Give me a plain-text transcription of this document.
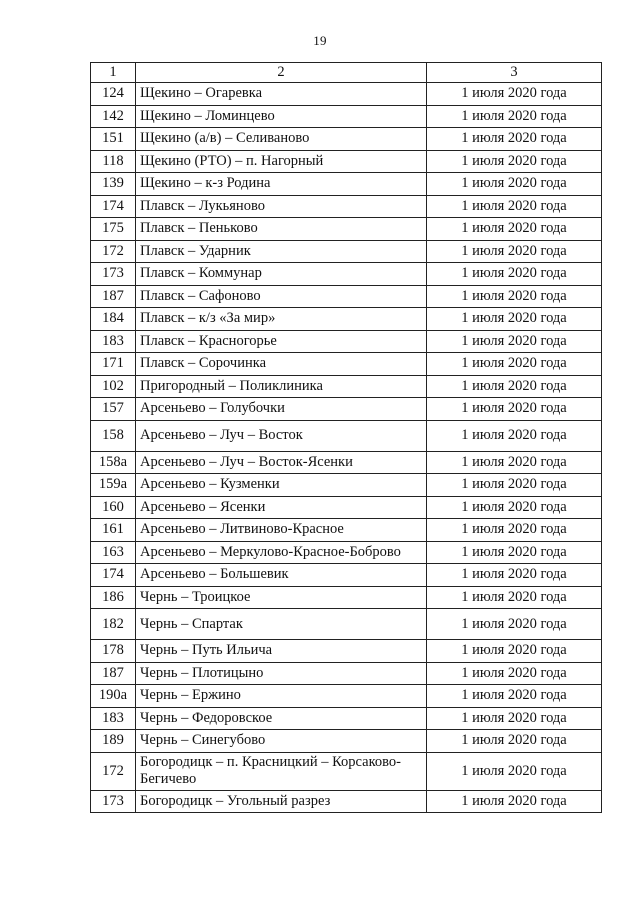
19
1	2	3
124	Щекино – Огаревка	1 июля 2020 года
142	Щекино – Ломинцево	1 июля 2020 года
151	Щекино (а/в) – Селиваново	1 июля 2020 года
118	Щекино (РТО) – п. Нагорный	1 июля 2020 года
139	Щекино – к-з Родина	1 июля 2020 года
174	Плавск – Лукьяново	1 июля 2020 года
175	Плавск – Пеньково	1 июля 2020 года
172	Плавск – Ударник	1 июля 2020 года
173	Плавск – Коммунар	1 июля 2020 года
187	Плавск – Сафоново	1 июля 2020 года
184	Плавск – к/з «За мир»	1 июля 2020 года
183	Плавск – Красногорье	1 июля 2020 года
171	Плавск – Сорочинка	1 июля 2020 года
102	Пригородный – Поликлиника	1 июля 2020 года
157	Арсеньево – Голубочки	1 июля 2020 года
158	Арсеньево – Луч – Восток	1 июля 2020 года
158а	Арсеньево – Луч – Восток-Ясенки	1 июля 2020 года
159а	Арсеньево – Кузменки	1 июля 2020 года
160	Арсеньево – Ясенки	1 июля 2020 года
161	Арсеньево – Литвиново-Красное	1 июля 2020 года
163	Арсеньево – Меркулово-Красное-Боброво	1 июля 2020 года
174	Арсеньево – Большевик	1 июля 2020 года
186	Чернь – Троицкое	1 июля 2020 года
182	Чернь – Спартак	1 июля 2020 года
178	Чернь – Путь Ильича	1 июля 2020 года
187	Чернь – Плотицыно	1 июля 2020 года
190а	Чернь – Ержино	1 июля 2020 года
183	Чернь – Федоровское	1 июля 2020 года
189	Чернь – Синегубово	1 июля 2020 года
172	Богородицк – п. Красницкий – Корсаково-Бегичево	1 июля 2020 года
173	Богородицк – Угольный разрез	1 июля 2020 года
